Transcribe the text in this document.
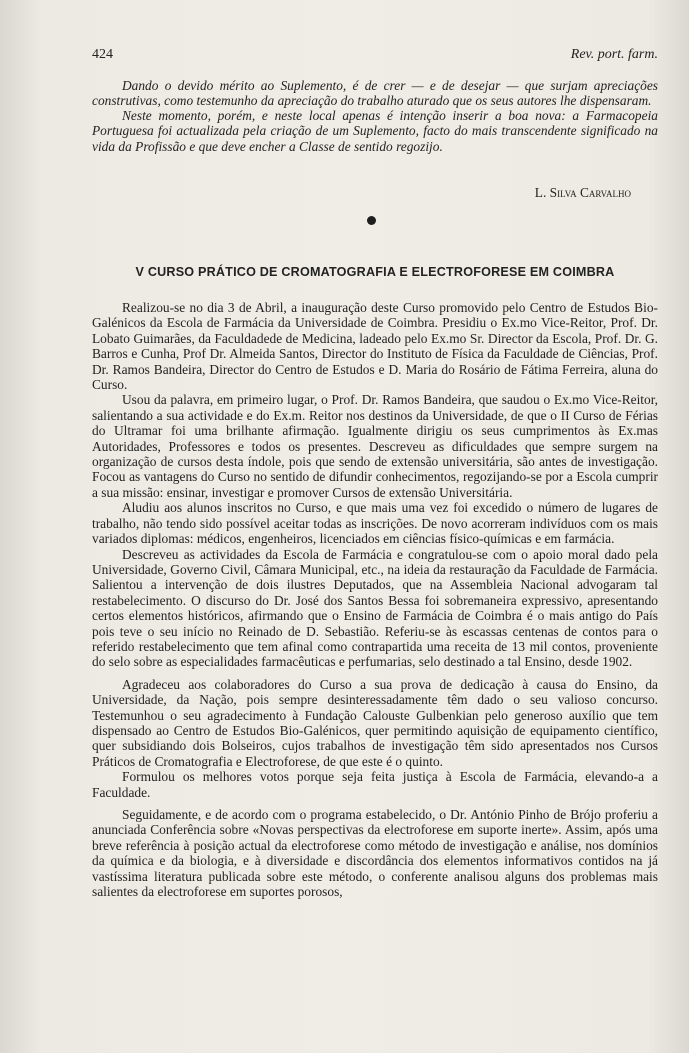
424	Rev. port. farm.

Dando o devido mérito ao Suplemento, é de crer — e de desejar — que surjam apreciações construtivas, como testemunho da apreciação do trabalho aturado que os seus autores lhe dispensaram.

Neste momento, porém, e neste local apenas é intenção inserir a boa nova: a Farmacopeia Portuguesa foi actualizada pela criação de um Suplemento, facto do mais transcendente significado na vida da Profissão e que deve encher a Classe de sentido regozijo.

L. Silva Carvalho
V CURSO PRÁTICO DE CROMATOGRAFIA E ELECTROFORESE EM COIMBRA

Realizou-se no dia 3 de Abril, a inauguração deste Curso promovido pelo Centro de Estudos Bio-Galénicos da Escola de Farmácia da Universidade de Coimbra. Presidiu o Ex.mo Vice-Reitor, Prof. Dr. Lobato Guimarães, da Faculdadede de Medicina, ladeado pelo Ex.mo Sr. Director da Escola, Prof. Dr. G. Barros e Cunha, Prof Dr. Almeida Santos, Director do Instituto de Física da Faculdade de Ciências, Prof. Dr. Ramos Bandeira, Director do Centro de Estudos e D. Maria do Rosário de Fátima Ferreira, aluna do Curso.

Usou da palavra, em primeiro lugar, o Prof. Dr. Ramos Bandeira, que saudou o Ex.mo Vice-Reitor, salientando a sua actividade e do Ex.m. Reitor nos destinos da Universidade, de que o II Curso de Férias do Ultramar foi uma brilhante afirmação. Igualmente dirigiu os seus cumprimentos às Ex.mas Autoridades, Professores e todos os presentes. Descreveu as dificuldades que sempre surgem na organização de cursos desta índole, pois que sendo de extensão universitária, são antes de investigação. Focou as vantagens do Curso no sentido de difundir conhecimentos, regozijando-se por a Escola cumprir a sua missão: ensinar, investigar e promover Cursos de extensão Universitária.

Aludiu aos alunos inscritos no Curso, e que mais uma vez foi excedido o número de lugares de trabalho, não tendo sido possível aceitar todas as inscrições. De novo acorreram indivíduos com os mais variados diplomas: médicos, engenheiros, licenciados em ciências físico-químicas e em farmácia.

Descreveu as actividades da Escola de Farmácia e congratulou-se com o apoio moral dado pela Universidade, Governo Civil, Câmara Municipal, etc., na ideia da restauração da Faculdade de Farmácia. Salientou a intervenção de dois ilustres Deputados, que na Assembleia Nacional advogaram tal restabelecimento. O discurso do Dr. José dos Santos Bessa foi sobremaneira expressivo, apresentando certos elementos históricos, afirmando que o Ensino de Farmácia de Coimbra é o mais antigo do País pois teve o seu início no Reinado de D. Sebastião. Referiu-se às escassas centenas de contos para o referido restabelecimento que tem afinal como contrapartida uma receita de 13 mil contos, proveniente do selo sobre as especialidades farmacêuticas e perfumarias, selo destinado a tal Ensino, desde 1902.

Agradeceu aos colaboradores do Curso a sua prova de dedicação à causa do Ensino, da Universidade, da Nação, pois sempre desinteressadamente têm dado o seu valioso concurso. Testemunhou o seu agradecimento à Fundação Calouste Gulbenkian pelo generoso auxílio que tem dispensado ao Centro de Estudos Bio-Galénicos, quer permitindo aquisição de equipamento científico, quer subsidiando dois Bolseiros, cujos trabalhos de investigação têm sido apresentados nos Cursos Práticos de Cromatografia e Electroforese, de que este é o quinto.

Formulou os melhores votos porque seja feita justiça à Escola de Farmácia, elevando-a a Faculdade.

Seguidamente, e de acordo com o programa estabelecido, o Dr. António Pinho de Brójo proferiu a anunciada Conferência sobre «Novas perspectivas da electroforese em suporte inerte». Assim, após uma breve referência à posição actual da electroforese como método de investigação e análise, nos domínios da química e da biologia, e à diversidade e discordância dos elementos informativos contidos na já vastíssima literatura publicada sobre este método, o conferente analisou alguns dos problemas mais salientes da electroforese em suportes porosos,
